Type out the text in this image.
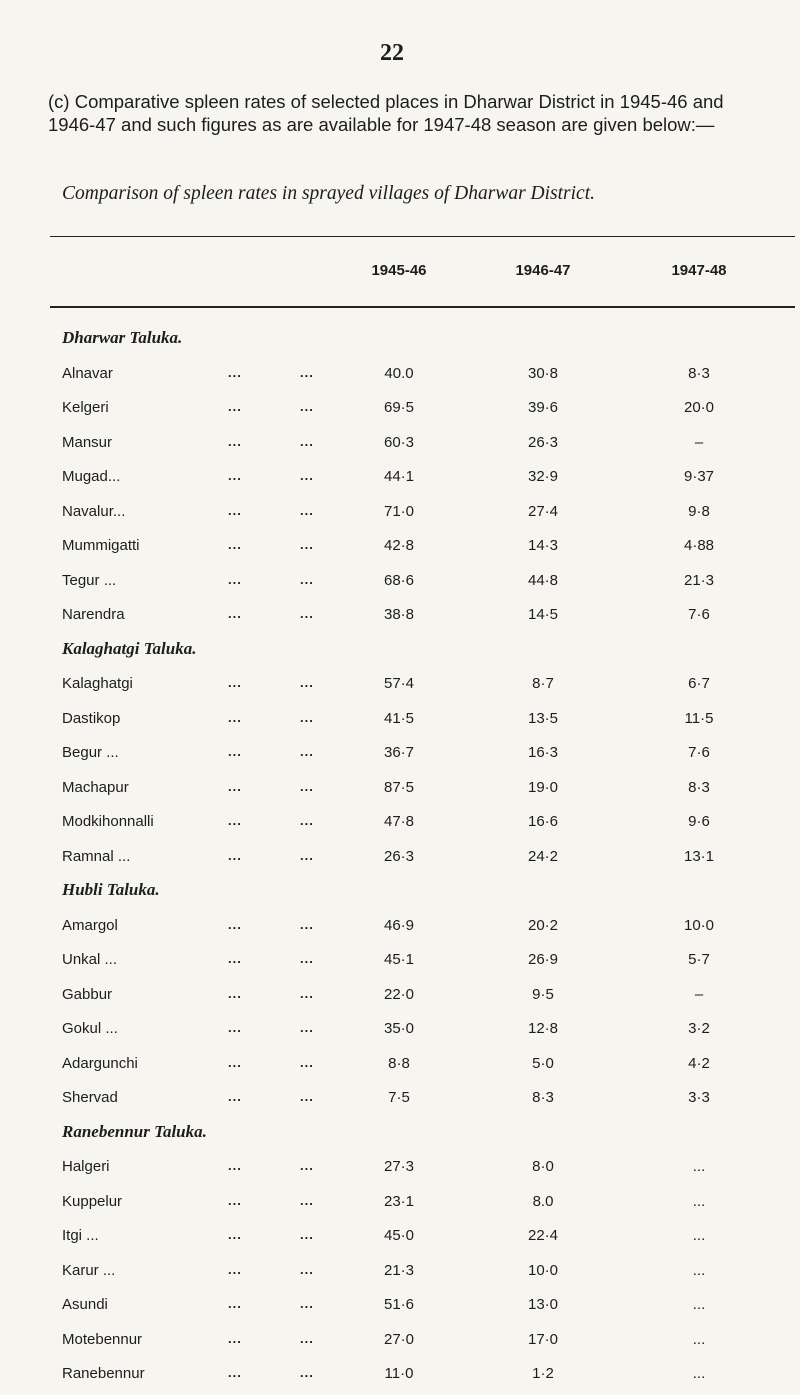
22

(c) Comparative spleen rates of selected places in Dharwar District in 1945-46 and 1946-47 and such figures as are available for 1947-48 season are given below:—

Comparison of spleen rates in sprayed villages of Dharwar District.

1945-46	1946-47	1947-48
Dharwar Taluka.
Alnavar	...	...	40.0	30·8	8·3
Kelgeri	...	...	69·5	39·6	20·0
Mansur	...	...	60·3	26·3	–
Mugad...	...	...	44·1	32·9	9·37
Navalur...	...	...	71·0	27·4	9·8
Mummigatti	...	...	42·8	14·3	4·88
Tegur ...	...	...	68·6	44·8	21·3
Narendra	...	...	38·8	14·5	7·6
Kalaghatgi Taluka.
Kalaghatgi	...	...	57·4	8·7	6·7
Dastikop	...	...	41·5	13·5	11·5
Begur ...	...	...	36·7	16·3	7·6
Machapur	...	...	87·5	19·0	8·3
Modkihonnalli	...	...	47·8	16·6	9·6
Ramnal ...	...	...	26·3	24·2	13·1
Hubli Taluka.
Amargol	...	...	46·9	20·2	10·0
Unkal ...	...	...	45·1	26·9	5·7
Gabbur	...	...	22·0	9·5	–
Gokul ...	...	...	35·0	12·8	3·2
Adargunchi	...	...	8·8	5·0	4·2
Shervad	...	...	7·5	8·3	3·3
Ranebennur Taluka.
Halgeri	...	...	27·3	8·0	...
Kuppelur	...	...	23·1	8.0	...
Itgi ...	...	...	45·0	22·4	...
Karur ...	...	...	21·3	10·0	...
Asundi	...	...	51·6	13·0	...
Motebennur	...	...	27·0	17·0	...
Ranebennur	...	...	11·0	1·2	...
